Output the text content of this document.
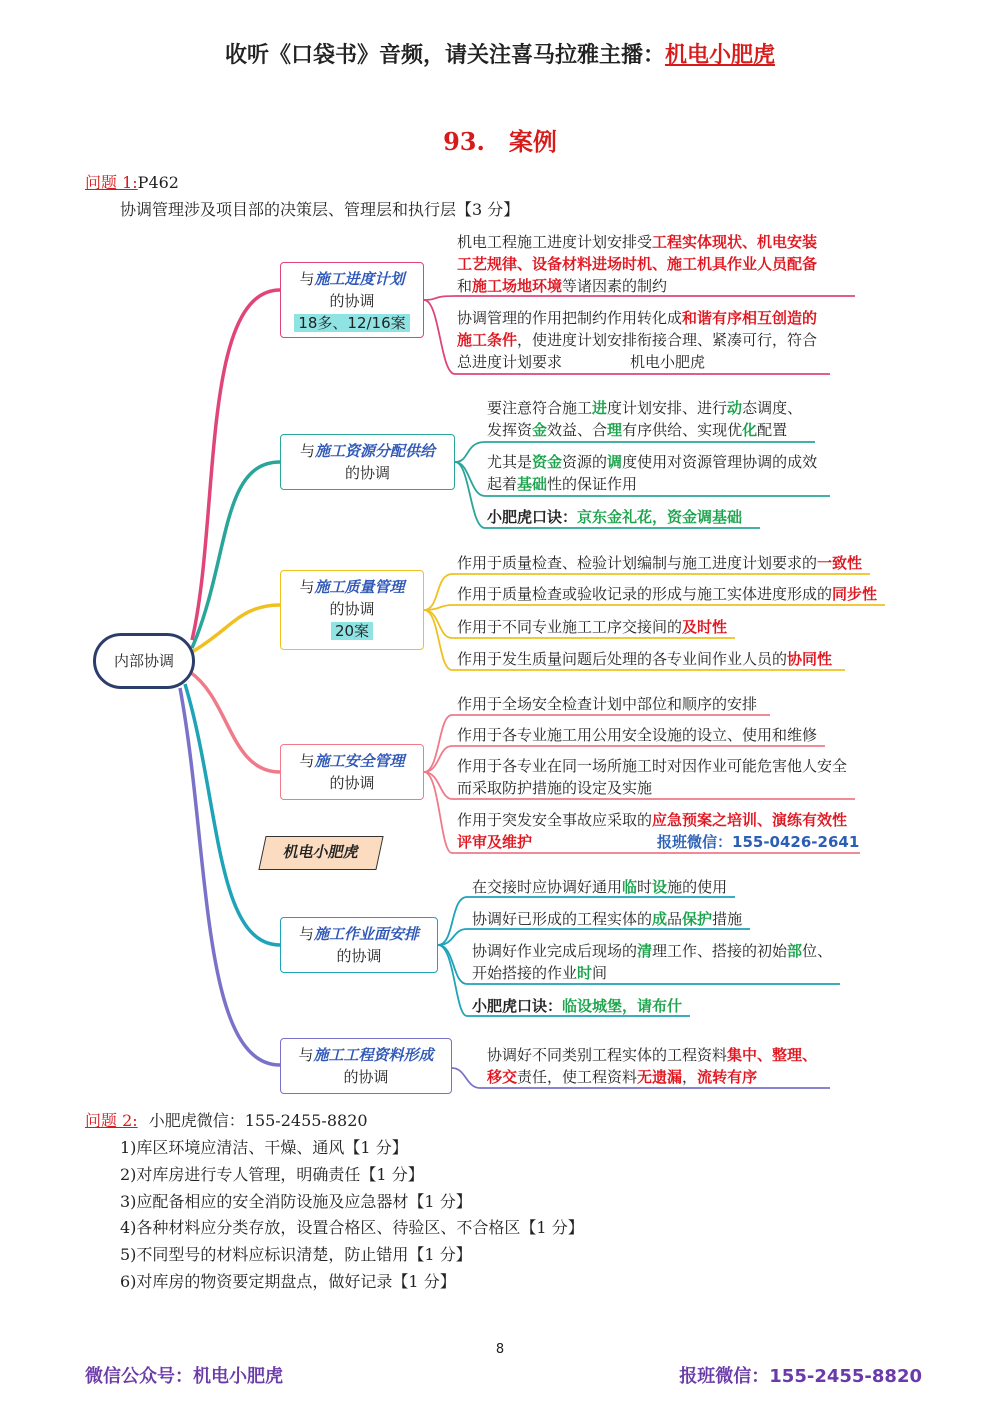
收听《口袋书》音频，请关注喜马拉雅主播：机电小肥虎
93.　案例
问题 1:P462
协调管理涉及项目部的决策层、管理层和执行层【3 分】
内部协调
与施工进度计划
的协调
18多、12/16案
与施工资源分配供给
的协调
与施工质量管理
的协调
20案
与施工安全管理
的协调
与施工作业面安排
的协调
与施工工程资料形成
的协调
机电小肥虎
机电工程施工进度计划安排受工程实体现状、机电安装
工艺规律、设备材料进场时机、施工机具作业人员配备
和施工场地环境等诸因素的制约
协调管理的作用把制约作用转化成和谐有序相互创造的
施工条件，使进度计划安排衔接合理、紧凑可行，符合
总进度计划要求	机电小肥虎
要注意符合施工进度计划安排、进行动态调度、
发挥资金效益、合理有序供给、实现优化配置
尤其是资金资源的调度使用对资源管理协调的成效
起着基础性的保证作用
小肥虎口诀：京东金礼花，资金调基础
作用于质量检查、检验计划编制与施工进度计划要求的一致性
作用于质量检查或验收记录的形成与施工实体进度形成的同步性
作用于不同专业施工工序交接间的及时性
作用于发生质量问题后处理的各专业间作业人员的协同性
作用于全场安全检查计划中部位和顺序的安排
作用于各专业施工用公用安全设施的设立、使用和维修
作用于各专业在同一场所施工时对因作业可能危害他人安全
而采取防护措施的设定及实施
作用于突发安全事故应采取的应急预案之培训、演练有效性
评审及维护	报班微信：155-0426-2641
在交接时应协调好通用临时设施的使用
协调好已形成的工程实体的成品保护措施
协调好作业完成后现场的清理工作、搭接的初始部位、
开始搭接的作业时间
小肥虎口诀：临设城堡，请布什
协调好不同类别工程实体的工程资料集中、整理、
移交责任，使工程资料无遗漏，流转有序
问题 2: 小肥虎微信：155-2455-8820
1)库区环境应清洁、干燥、通风【1 分】
2)对库房进行专人管理，明确责任【1 分】
3)应配备相应的安全消防设施及应急器材【1 分】
4)各种材料应分类存放，设置合格区、待验区、不合格区【1 分】
5)不同型号的材料应标识清楚，防止错用【1 分】
6)对库房的物资要定期盘点，做好记录【1 分】
8
微信公众号：机电小肥虎	报班微信：155-2455-8820
